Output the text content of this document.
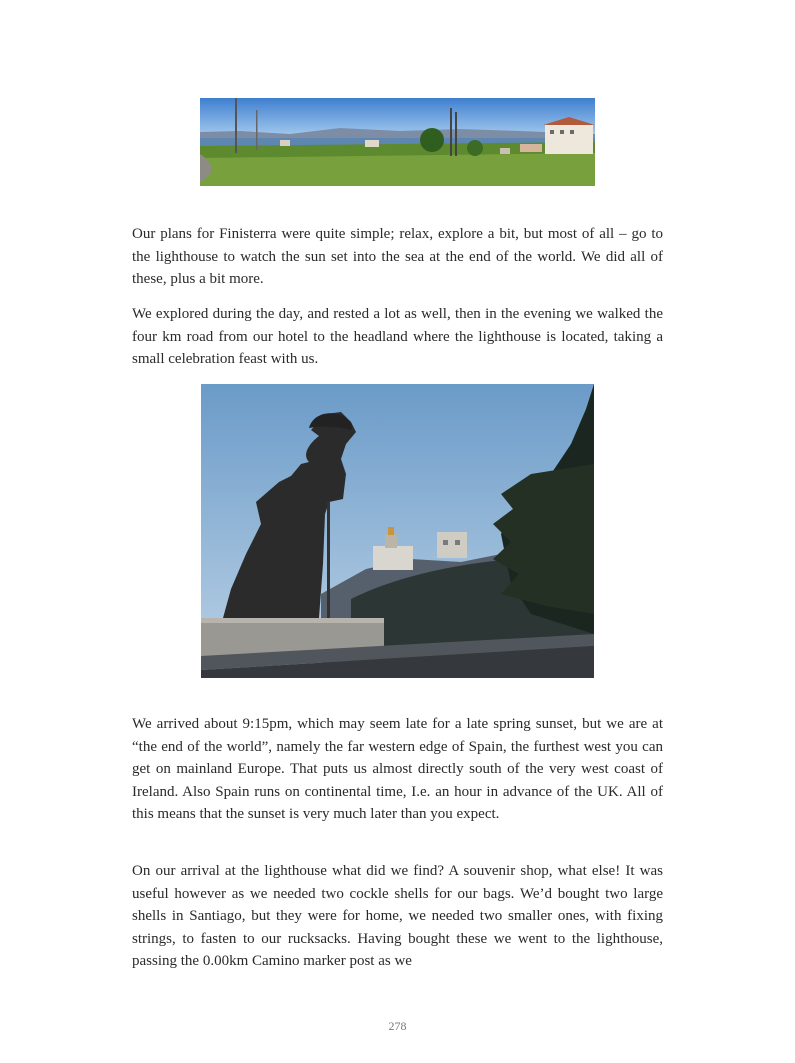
Our plans for Finisterra were quite simple; relax, explore a bit, but most of all – go to the lighthouse to watch the sun set into the sea at the end of the world. We did all of these, plus a bit more.

We explored during the day, and rested a lot as well, then in the evening we walked the four km road from our hotel to the headland where the lighthouse is located, taking a small celebration feast with us.

We arrived about 9:15pm, which may seem late for a late spring sunset, but we are at “the end of the world”, namely the far western edge of Spain, the furthest west you can get on mainland Europe. That puts us almost directly south of the very west coast of Ireland. Also Spain runs on continental time, I.e. an hour in advance of the UK. All of this means that the sunset is very much later than you expect.

On our arrival at the lighthouse what did we find? A souvenir shop, what else! It was useful however as we needed two cockle shells for our bags. We’d bought two large shells in Santiago, but they were for home, we needed two smaller ones, with fixing strings, to fasten to our rucksacks. Having bought these we went to the lighthouse, passing the 0.00km Camino marker post as we

278
